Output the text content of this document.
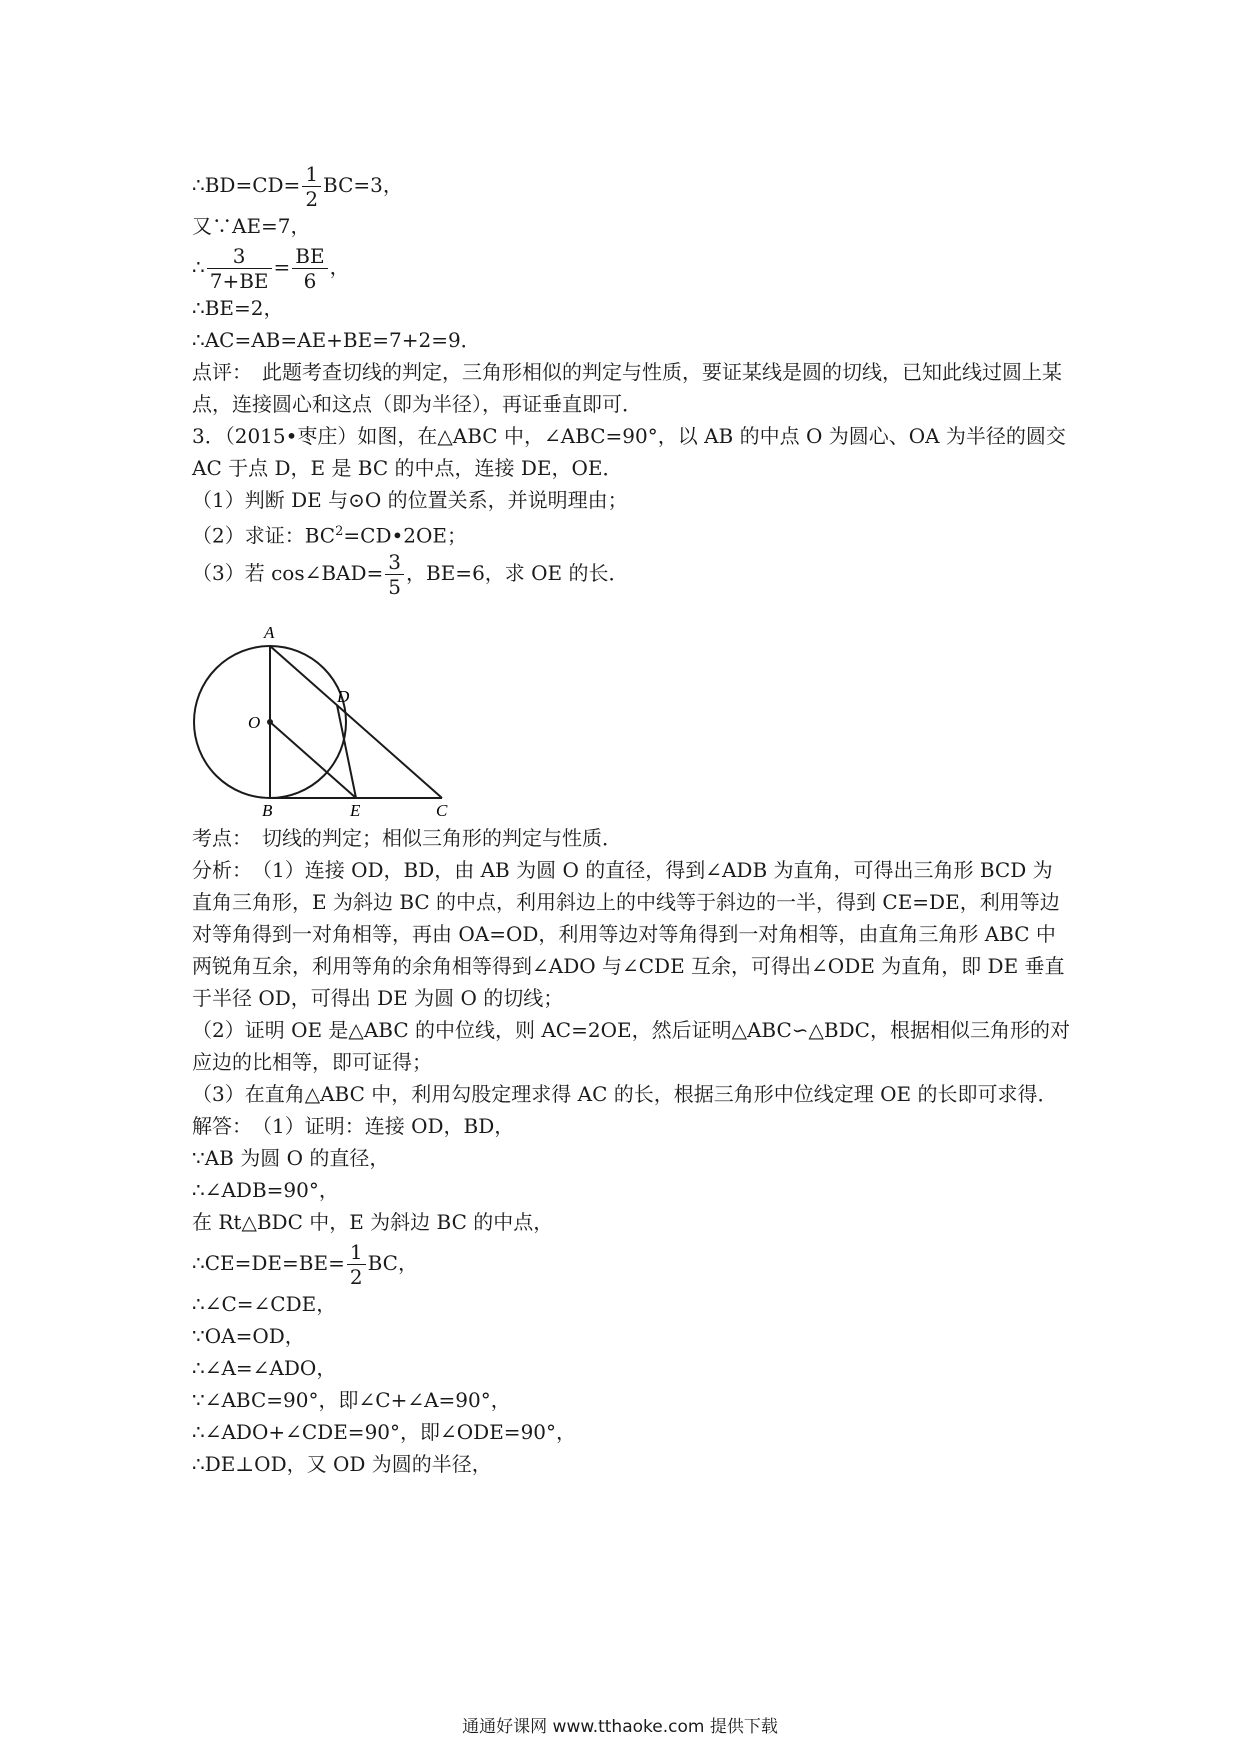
∴BD=CD= $\frac{1}{2} BC=3$，
又∵AE=7，
∴ $\frac{3}{7+BE} = \frac{BE}{6}$ ，
∴BE=2，
∴AC=AB=AE+BE=7+2=9．
点评：　此题考查切线的判定，三角形相似的判定与性质，要证某线是圆的切线，已知此线过圆上某点，连接圆心和这点（即为半径），再证垂直即可．
3．（2015•枣庄）如图，在△ABC 中，∠ABC=90°，以 AB 的中点 O 为圆心、OA 为半径的圆交 AC 于点 D，E 是 BC 的中点，连接 DE，OE．
（1）判断 DE 与⊙O 的位置关系，并说明理由；
（2）求证：$BC^2=CD•2OE$；
（3）若 cos∠BAD= $\frac{3}{5}$ ，BE=6，求 OE 的长．
A
O
D
B	E	C
考点：　切线的判定；相似三角形的判定与性质．
分析：　（1）连接 OD，BD，由 AB 为圆 O 的直径，得到∠ADB 为直角，可得出三角形 BCD 为直角三角形，E 为斜边 BC 的中点，利用斜边上的中线等于斜边的一半，得到 CE=DE，利用等边对等角得到一对角相等，再由 OA=OD，利用等边对等角得到一对角相等，由直角三角形 ABC 中两锐角互余，利用等角的余角相等得到∠ADO 与∠CDE 互余，可得出∠ODE 为直角，即 DE 垂直于半径 OD，可得出 DE 为圆 O 的切线；
（2）证明 OE 是△ABC 的中位线，则 AC=2OE，然后证明△ABC∽△BDC，根据相似三角形的对应边的比相等，即可证得；
（3）在直角△ABC 中，利用勾股定理求得 AC 的长，根据三角形中位线定理 OE 的长即可求得．
解答：　（1）证明：连接 OD，BD，
∵AB 为圆 O 的直径，
∴∠ADB=90°，
在 Rt△BDC 中，E 为斜边 BC 的中点，
∴CE=DE=BE= $\frac{1}{2}$ BC，
∴∠C=∠CDE，
∵OA=OD，
∴∠A=∠ADO，
∵∠ABC=90°，即∠C+∠A=90°，
∴∠ADO+∠CDE=90°，即∠ODE=90°，
∴DE⊥OD，又 OD 为圆的半径，
通通好课网 www.tthaoke.com 提供下载
